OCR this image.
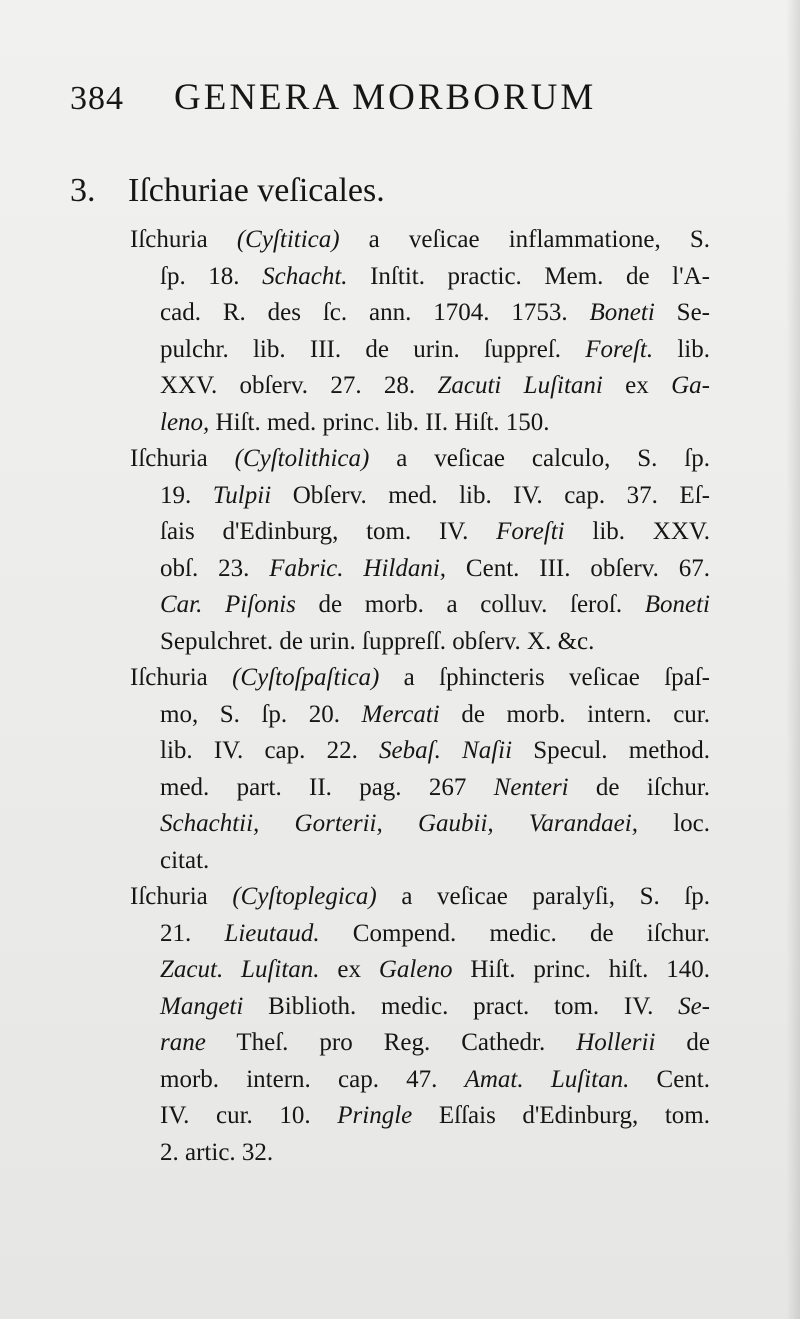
384 GENERA MORBORUM
3. Iſchuriae veſicales.
Iſchuria (Cyſtitica) a veſicae inflammatione, S.
ſp. 18. Schacht. Inſtit. practic. Mem. de l'A-
cad. R. des ſc. ann. 1704. 1753. Boneti Se-
pulchr. lib. III. de urin. ſuppreſ. Foreſt. lib.
XXV. obſerv. 27. 28. Zacuti Luſitani ex Ga-
leno, Hiſt. med. princ. lib. II. Hiſt. 150.
Iſchuria (Cyſtolithica) a veſicae calculo, S. ſp.
19. Tulpii Obſerv. med. lib. IV. cap. 37. Eſ-
ſais d'Edinburg, tom. IV. Foreſti lib. XXV.
obſ. 23. Fabric. Hildani, Cent. III. obſerv. 67.
Car. Piſonis de morb. a colluv. ſeroſ. Boneti
Sepulchret. de urin. ſuppreſſ. obſerv. X. &c.
Iſchuria (Cyſtoſpaſtica) a ſphincteris veſicae ſpaſ-
mo, S. ſp. 20. Mercati de morb. intern. cur.
lib. IV. cap. 22. Sebaſ. Naſii Specul. method.
med. part. II. pag. 267 Nenteri de iſchur.
Schachtii, Gorterii, Gaubii, Varandaei, loc.
citat.
Iſchuria (Cyſtoplegica) a veſicae paralyſi, S. ſp.
21. Lieutaud. Compend. medic. de iſchur.
Zacut. Luſitan. ex Galeno Hiſt. princ. hiſt. 140.
Mangeti Biblioth. medic. pract. tom. IV. Se-
rane Theſ. pro Reg. Cathedr. Hollerii de
morb. intern. cap. 47. Amat. Luſitan. Cent.
IV. cur. 10. Pringle Eſſais d'Edinburg, tom.
2. artic. 32.
